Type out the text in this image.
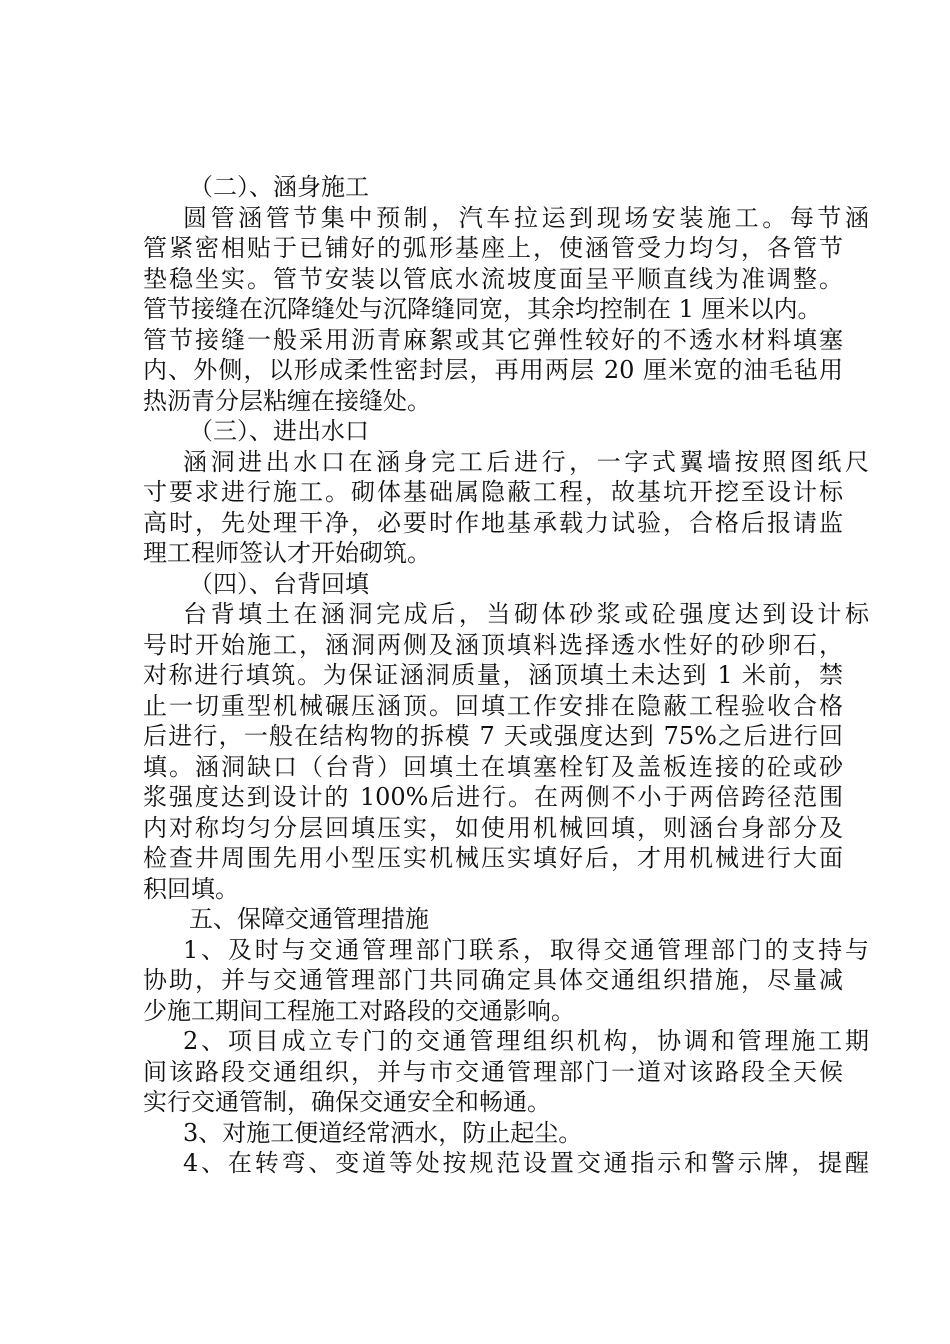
（二）、涵身施工
圆管涵管节集中预制，汽车拉运到现场安装施工。每节涵
管紧密相贴于已铺好的弧形基座上，使涵管受力均匀，各管节
垫稳坐实。管节安装以管底水流坡度面呈平顺直线为准调整。
管节接缝在沉降缝处与沉降缝同宽，其余均控制在 1 厘米以内。
管节接缝一般采用沥青麻絮或其它弹性较好的不透水材料填塞
内、外侧，以形成柔性密封层，再用两层 20 厘米宽的油毛毡用
热沥青分层粘缠在接缝处。
（三）、进出水口
涵洞进出水口在涵身完工后进行，一字式翼墙按照图纸尺
寸要求进行施工。砌体基础属隐蔽工程，故基坑开挖至设计标
高时，先处理干净，必要时作地基承载力试验，合格后报请监
理工程师签认才开始砌筑。
（四）、台背回填
台背填土在涵洞完成后，当砌体砂浆或砼强度达到设计标
号时开始施工，涵洞两侧及涵顶填料选择透水性好的砂卵石，
对称进行填筑。为保证涵洞质量，涵顶填土未达到 1 米前，禁
止一切重型机械碾压涵顶。回填工作安排在隐蔽工程验收合格
后进行，一般在结构物的拆模 7 天或强度达到 75%之后进行回
填。涵洞缺口（台背）回填土在填塞栓钉及盖板连接的砼或砂
浆强度达到设计的 100%后进行。在两侧不小于两倍跨径范围
内对称均匀分层回填压实，如使用机械回填，则涵台身部分及
检查井周围先用小型压实机械压实填好后，才用机械进行大面
积回填。
五、保障交通管理措施
1、及时与交通管理部门联系，取得交通管理部门的支持与
协助，并与交通管理部门共同确定具体交通组织措施，尽量减
少施工期间工程施工对路段的交通影响。
2、项目成立专门的交通管理组织机构，协调和管理施工期
间该路段交通组织，并与市交通管理部门一道对该路段全天候
实行交通管制，确保交通安全和畅通。
3、对施工便道经常洒水，防止起尘。
4、在转弯、变道等处按规范设置交通指示和警示牌，提醒
